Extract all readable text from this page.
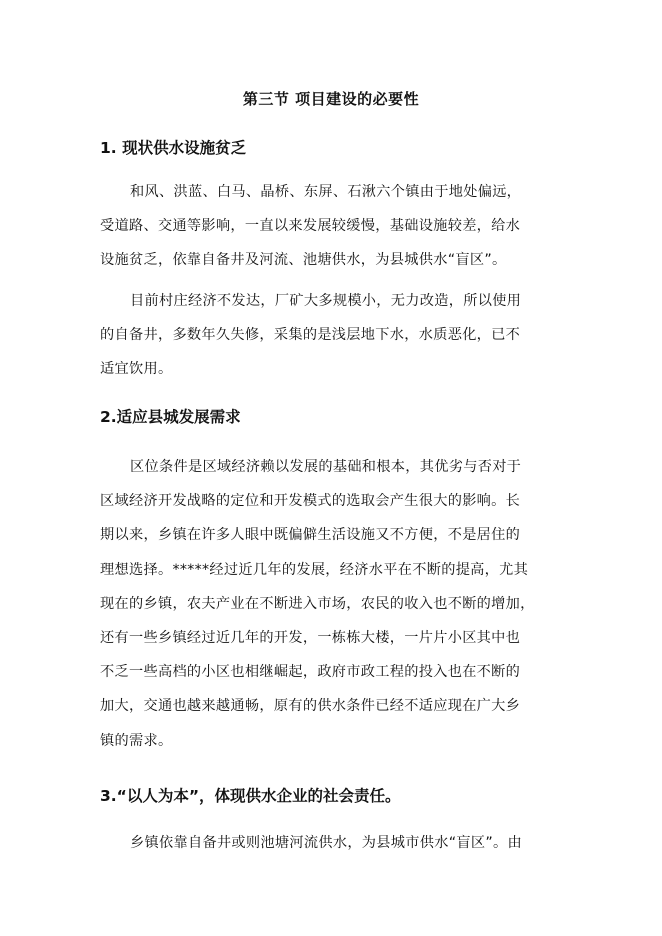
第三节 项目建设的必要性
1. 现状供水设施贫乏
和风、洪蓝、白马、晶桥、东屏、石湫六个镇由于地处偏远，
受道路、交通等影响，一直以来发展较缓慢，基础设施较差，给水
设施贫乏，依靠自备井及河流、池塘供水，为县城供水“盲区”。
目前村庄经济不发达，厂矿大多规模小，无力改造，所以使用
的自备井，多数年久失修，采集的是浅层地下水，水质恶化，已不
适宜饮用。
2.适应县城发展需求
区位条件是区域经济赖以发展的基础和根本，其优劣与否对于
区域经济开发战略的定位和开发模式的选取会产生很大的影响。长
期以来，乡镇在许多人眼中既偏僻生活设施又不方便，不是居住的
理想选择。*****经过近几年的发展，经济水平在不断的提高，尤其
现在的乡镇，农夫产业在不断进入市场，农民的收入也不断的增加，
还有一些乡镇经过近几年的开发，一栋栋大楼，一片片小区其中也
不乏一些高档的小区也相继崛起，政府市政工程的投入也在不断的
加大，交通也越来越通畅，原有的供水条件已经不适应现在广大乡
镇的需求。
3.“以人为本”，体现供水企业的社会责任。
乡镇依靠自备井或则池塘河流供水，为县城市供水“盲区”。由
